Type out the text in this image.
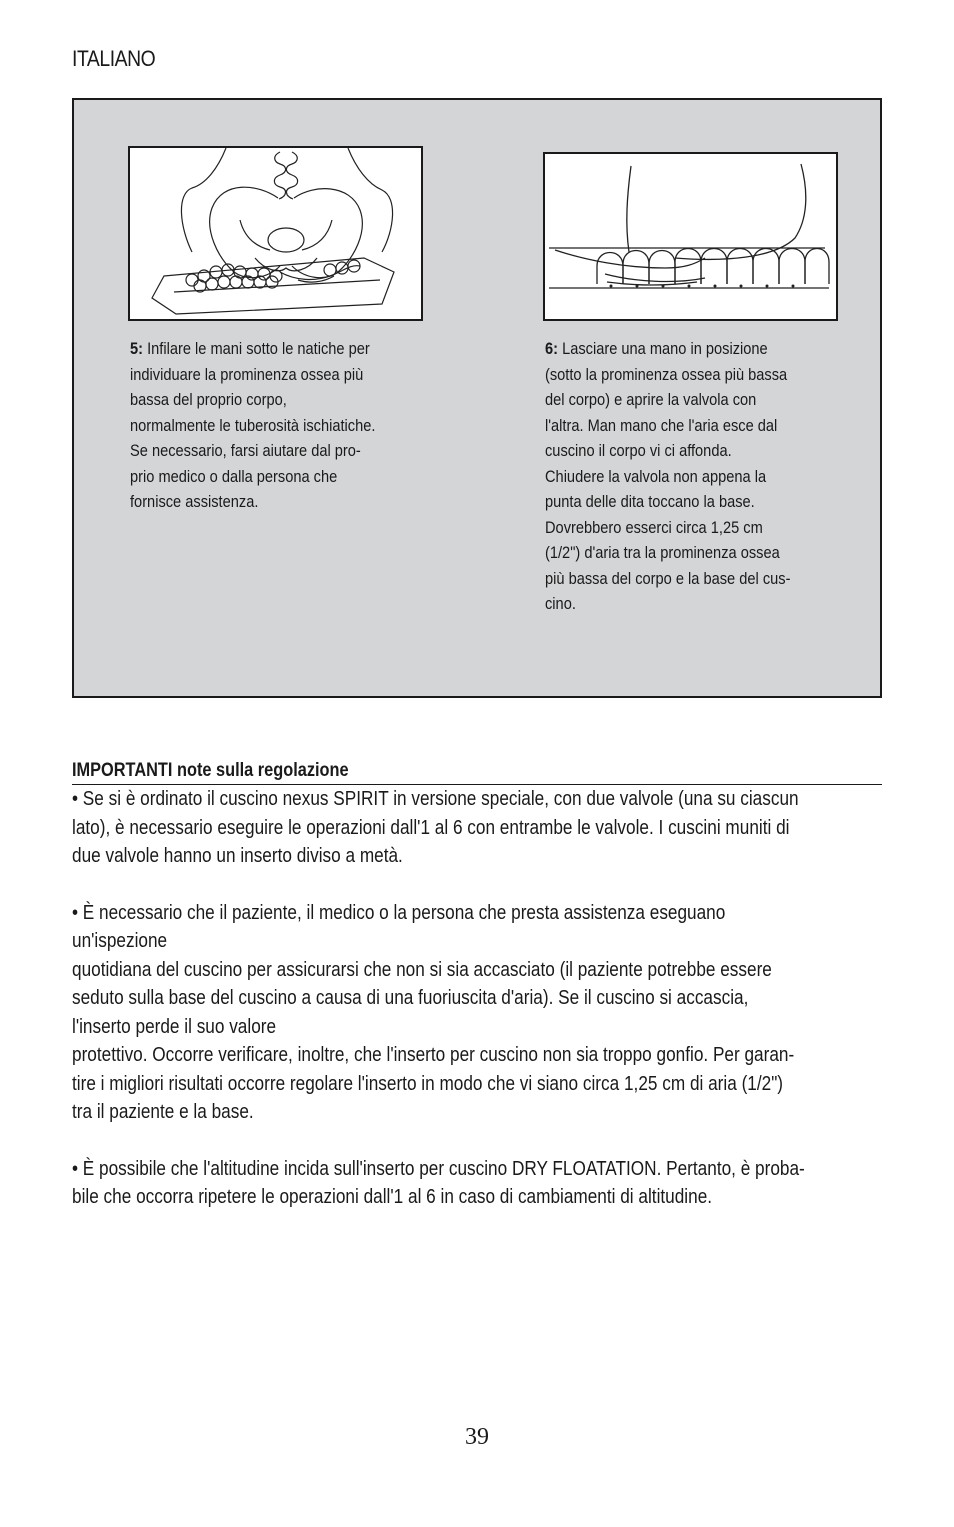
ITALIANO

5: Infilare le mani sotto le natiche per

individuare la prominenza ossea più

bassa del proprio corpo,

normalmente le tuberosità ischiatiche.

Se necessario, farsi aiutare dal pro-

prio medico o dalla persona che

fornisce assistenza.

6: Lasciare una mano in posizione

(sotto la prominenza ossea più bassa

del corpo) e aprire la valvola con

l'altra. Man mano che l'aria esce dal

cuscino il corpo vi ci affonda.

Chiudere la valvola non appena la

punta delle dita toccano la base.

Dovrebbero esserci circa 1,25 cm

(1/2") d'aria tra la prominenza ossea

più bassa del corpo e la base del cus-

cino.

IMPORTANTI note sulla regolazione

• Se si è ordinato il cuscino nexus SPIRIT in versione speciale, con due valvole (una su ciascun

lato), è necessario eseguire le operazioni dall'1 al 6 con entrambe le valvole. I cuscini muniti di

due valvole hanno un inserto diviso a metà.

• È necessario che il paziente, il medico o la persona che presta assistenza eseguano

un'ispezione

quotidiana del cuscino per assicurarsi che non si sia accasciato (il paziente potrebbe essere

seduto sulla base del cuscino a causa di una fuoriuscita d'aria). Se il cuscino si accascia,

l'inserto perde il suo valore

protettivo. Occorre verificare, inoltre, che l'inserto per cuscino non sia troppo gonfio. Per garan-

tire i migliori risultati occorre regolare l'inserto in modo che vi siano circa 1,25 cm di aria (1/2")

tra il paziente e la base.

• È possibile che l'altitudine incida sull'inserto per cuscino DRY FLOATATION. Pertanto, è proba-

bile che occorra ripetere le operazioni dall'1 al 6 in caso di cambiamenti di altitudine.

39
